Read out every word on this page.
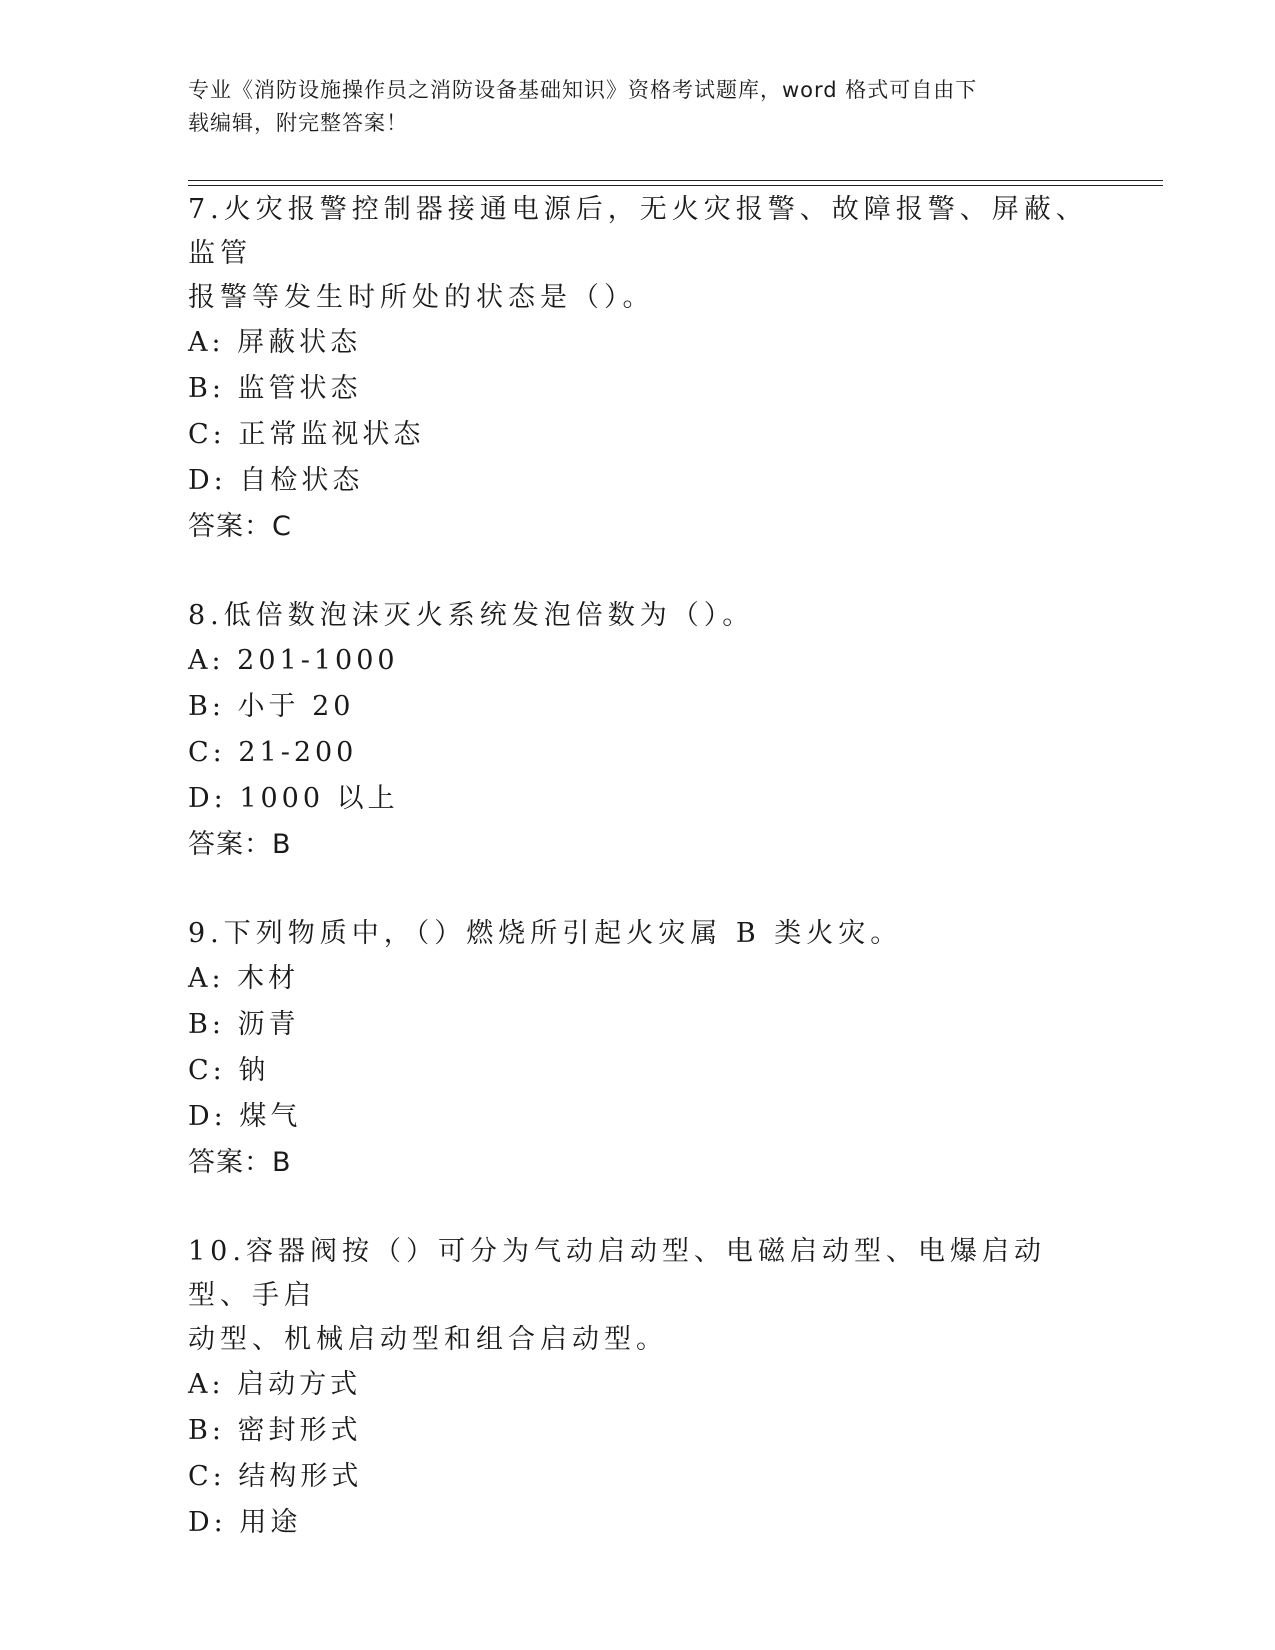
专业《消防设施操作员之消防设备基础知识》资格考试题库，word 格式可自由下
载编辑，附完整答案！

7.火灾报警控制器接通电源后，无火灾报警、故障报警、屏蔽、监管

报警等发生时所处的状态是（）。

A: 屏蔽状态

B: 监管状态

C: 正常监视状态

D: 自检状态

答案：C

8.低倍数泡沫灭火系统发泡倍数为（）。

A: 201-1000

B: 小于 20

C: 21-200

D: 1000 以上

答案：B

9.下列物质中，（）燃烧所引起火灾属 B 类火灾。

A: 木材

B: 沥青

C: 钠

D: 煤气

答案：B

10.容器阀按（）可分为气动启动型、电磁启动型、电爆启动型、手启

动型、机械启动型和组合启动型。

A: 启动方式

B: 密封形式

C: 结构形式

D: 用途
